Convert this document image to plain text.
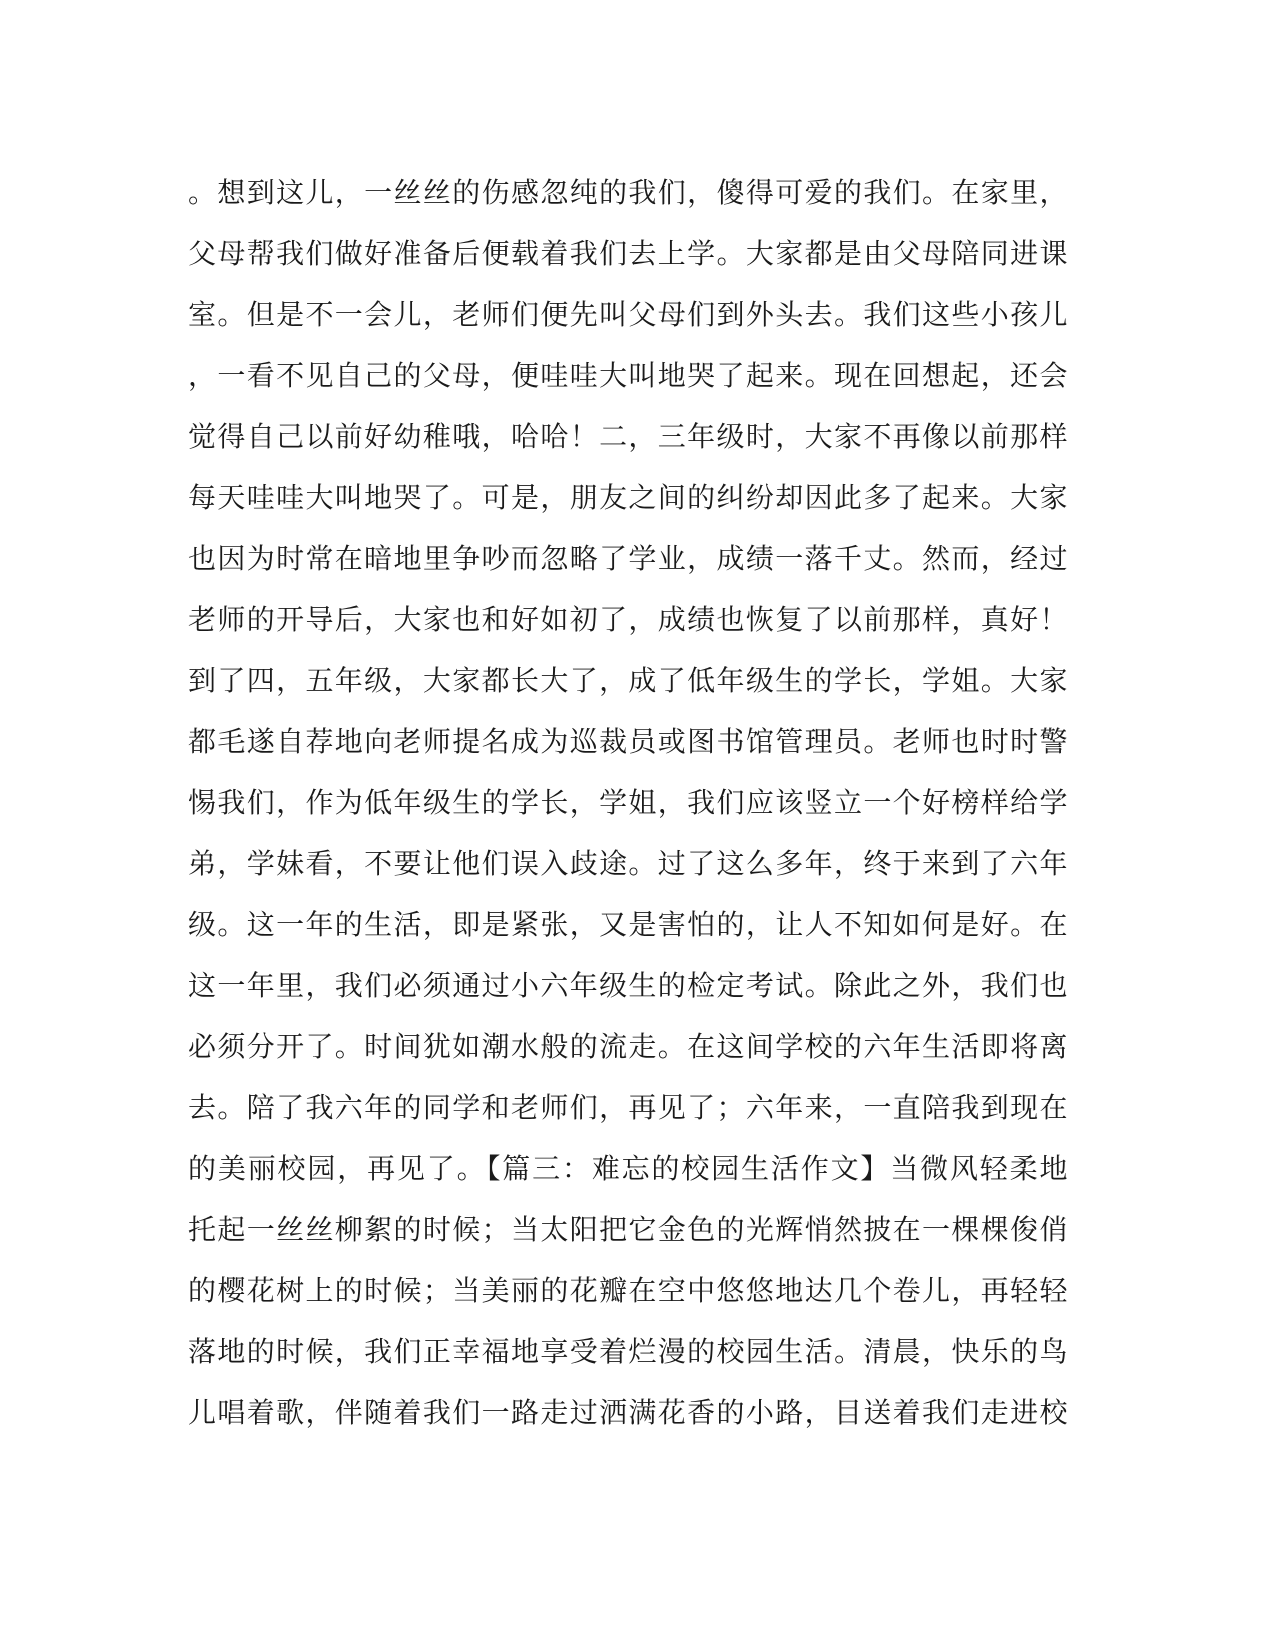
。想到这儿，一丝丝的伤感忽纯的我们，傻得可爱的我们。在家里，
父母帮我们做好准备后便载着我们去上学。大家都是由父母陪同进课
室。但是不一会儿，老师们便先叫父母们到外头去。我们这些小孩儿
，一看不见自己的父母，便哇哇大叫地哭了起来。现在回想起，还会
觉得自己以前好幼稚哦，哈哈！二，三年级时，大家不再像以前那样
每天哇哇大叫地哭了。可是，朋友之间的纠纷却因此多了起来。大家
也因为时常在暗地里争吵而忽略了学业，成绩一落千丈。然而，经过
老师的开导后，大家也和好如初了，成绩也恢复了以前那样，真好！
到了四，五年级，大家都长大了，成了低年级生的学长，学姐。大家
都毛遂自荐地向老师提名成为巡裁员或图书馆管理员。老师也时时警
惕我们，作为低年级生的学长，学姐，我们应该竖立一个好榜样给学
弟，学妹看，不要让他们误入歧途。过了这么多年，终于来到了六年
级。这一年的生活，即是紧张，又是害怕的，让人不知如何是好。在
这一年里，我们必须通过小六年级生的检定考试。除此之外，我们也
必须分开了。时间犹如潮水般的流走。在这间学校的六年生活即将离
去。陪了我六年的同学和老师们，再见了；六年来，一直陪我到现在
的美丽校园，再见了。【篇三：难忘的校园生活作文】当微风轻柔地
托起一丝丝柳絮的时候；当太阳把它金色的光辉悄然披在一棵棵俊俏
的樱花树上的时候；当美丽的花瓣在空中悠悠地达几个卷儿，再轻轻
落地的时候，我们正幸福地享受着烂漫的校园生活。清晨，快乐的鸟
儿唱着歌，伴随着我们一路走过洒满花香的小路，目送着我们走进校
